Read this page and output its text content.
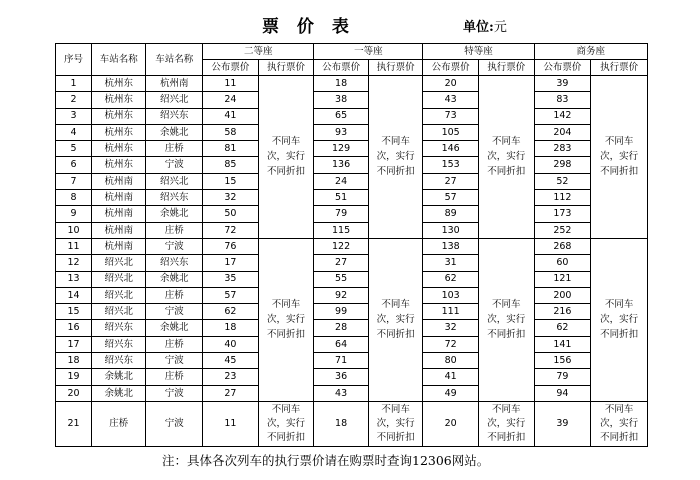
票 价 表	单位:元
序号	车站名称	车站名称	二等座		一等座		特等座		商务座	
			公布票价	执行票价	公布票价	执行票价	公布票价	执行票价	公布票价	执行票价
1	杭州东	杭州南	11	不同车
次，实行
不同折扣	18	不同车
次，实行
不同折扣	20	不同车
次，实行
不同折扣	39	不同车
次，实行
不同折扣

2	杭州东	绍兴北	24		38		43		83	
3	杭州东	绍兴东	41		65		73		142	
4	杭州东	余姚北	58		93		105		204	
5	杭州东	庄桥	81		129		146		283	
6	杭州东	宁波	85		136		153		298	
7	杭州南	绍兴北	15		24		27		52	
8	杭州南	绍兴东	32		51		57		112	
9	杭州南	余姚北	50		79		89		173	
10	杭州南	庄桥	72		115		130		252	
11	杭州南	宁波	76	不同车
次，实行
不同折扣	122	不同车
次，实行
不同折扣	138	不同车
次，实行
不同折扣	268	不同车
次，实行
不同折扣

12	绍兴北	绍兴东	17		27		31		60	
13	绍兴北	余姚北	35		55		62		121	
14	绍兴北	庄桥	57		92		103		200	
15	绍兴北	宁波	62		99		111		216	
16	绍兴东	余姚北	18		28		32		62	
17	绍兴东	庄桥	40		64		72		141	
18	绍兴东	宁波	45		71		80		156	
19	余姚北	庄桥	23		36		41		79	
20	余姚北	宁波	27		43		49		94	
21	庄桥	宁波	11	不同车
次，实行
不同折扣	18	不同车
次，实行
不同折扣	20	不同车
次，实行
不同折扣	39	不同车
次，实行
不同折扣
注：具体各次列车的执行票价请在购票时查询12306网站。
